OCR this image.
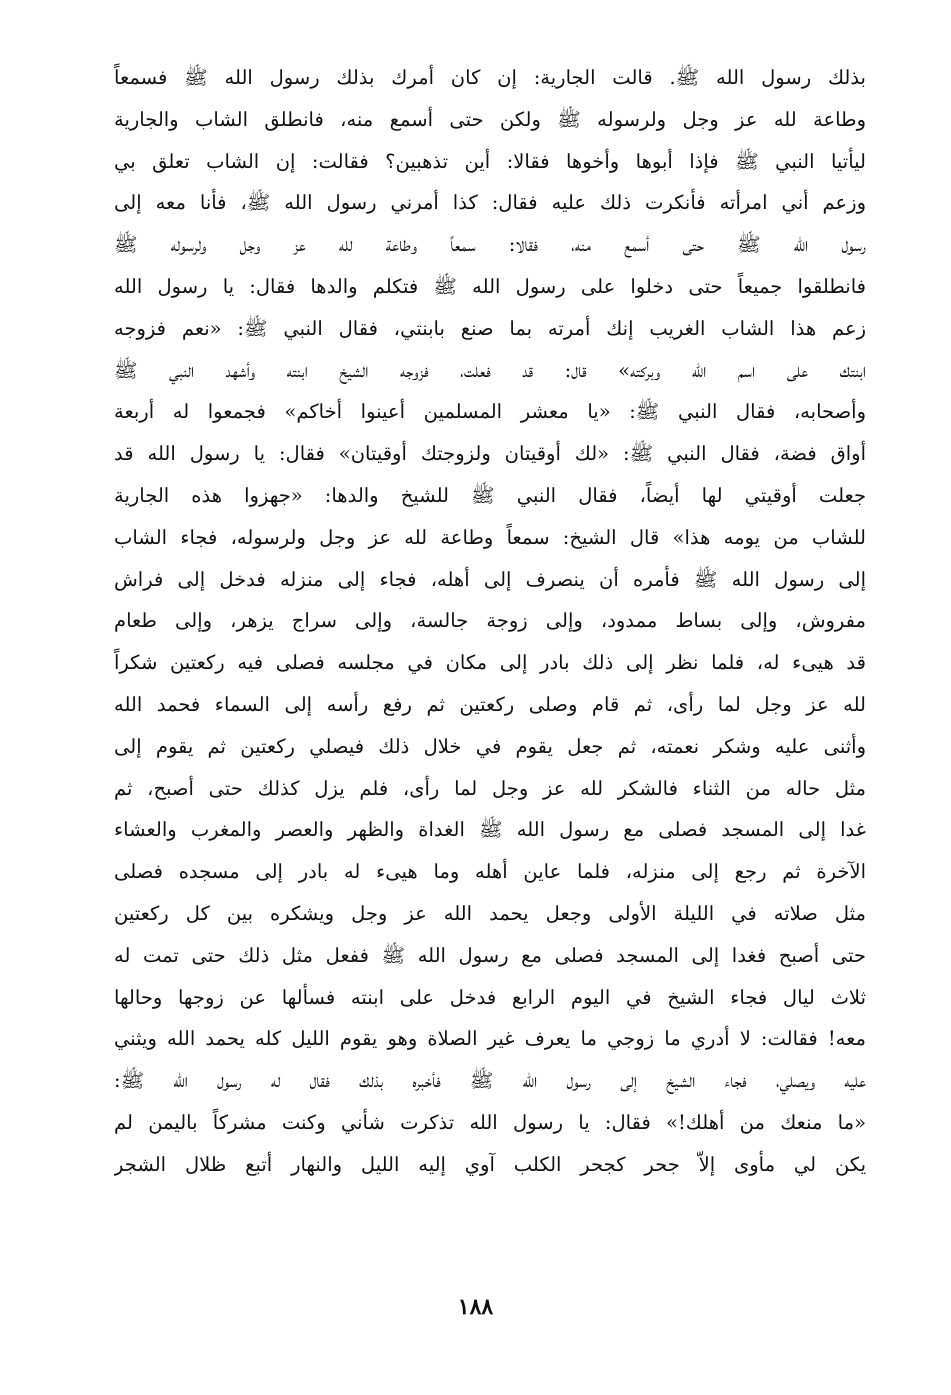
بذلك رسول الله ﷺ. قالت الجارية: إن كان أمرك بذلك رسول الله ﷺ فسمعاً
وطاعة لله عز وجل ولرسوله ﷺ ولكن حتى أسمع منه، فانطلق الشاب والجارية
ليأتيا النبي ﷺ فإذا أبوها وأخوها فقالا: أين تذهبين؟ فقالت: إن الشاب تعلق بي
وزعم أني امرأته فأنكرت ذلك عليه فقال: كذا أمرني رسول الله ﷺ، فأنا معه إلى
رسول الله ﷺ حتى أسمع منه، فقالا: سمعاً وطاعة لله عز وجل ولرسوله ﷺ
فانطلقوا جميعاً حتى دخلوا على رسول الله ﷺ فتكلم والدها فقال: يا رسول الله
زعم هذا الشاب الغريب إنك أمرته بما صنع بابنتي، فقال النبي ﷺ: «نعم فزوجه
ابنتك على اسم الله وبركته» قال: قد فعلت، فزوجه الشيخ ابنته وأشهد النبي ﷺ
وأصحابه، فقال النبي ﷺ: «يا معشر المسلمين أعينوا أخاكم» فجمعوا له أربعة
أواق فضة، فقال النبي ﷺ: «لك أوقيتان ولزوجتك أوقيتان» فقال: يا رسول الله قد
جعلت أوقيتي لها أيضاً، فقال النبي ﷺ للشيخ والدها: «جهزوا هذه الجارية
للشاب من يومه هذا» قال الشيخ: سمعاً وطاعة لله عز وجل ولرسوله، فجاء الشاب
إلى رسول الله ﷺ فأمره أن ينصرف إلى أهله، فجاء إلى منزله فدخل إلى فراش
مفروش، وإلى بساط ممدود، وإلى زوجة جالسة، وإلى سراج يزهر، وإلى طعام
قد هيىء له، فلما نظر إلى ذلك بادر إلى مكان في مجلسه فصلى فيه ركعتين شكراً
لله عز وجل لما رأى، ثم قام وصلى ركعتين ثم رفع رأسه إلى السماء فحمد الله
وأثنى عليه وشكر نعمته، ثم جعل يقوم في خلال ذلك فيصلي ركعتين ثم يقوم إلى
مثل حاله من الثناء فالشكر لله عز وجل لما رأى، فلم يزل كذلك حتى أصبح، ثم
غدا إلى المسجد فصلى مع رسول الله ﷺ الغداة والظهر والعصر والمغرب والعشاء
الآخرة ثم رجع إلى منزله، فلما عاين أهله وما هيىء له بادر إلى مسجده فصلى
مثل صلاته في الليلة الأولى وجعل يحمد الله عز وجل ويشكره بين كل ركعتين
حتى أصبح فغدا إلى المسجد فصلى مع رسول الله ﷺ ففعل مثل ذلك حتى تمت له
ثلاث ليال فجاء الشيخ في اليوم الرابع فدخل على ابنته فسألها عن زوجها وحالها
معه! فقالت: لا أدري ما زوجي ما يعرف غير الصلاة وهو يقوم الليل كله يحمد الله ويثني
عليه ويصلي، فجاء الشيخ إلى رسول الله ﷺ فأخبره بذلك فقال له رسول الله ﷺ:
«ما منعك من أهلك!» فقال: يا رسول الله تذكرت شأني وكنت مشركاً باليمن لم
يكن لي مأوى إلاّ جحر كجحر الكلب آوي إليه الليل والنهار أتبع ظلال الشجر
١٨٨
